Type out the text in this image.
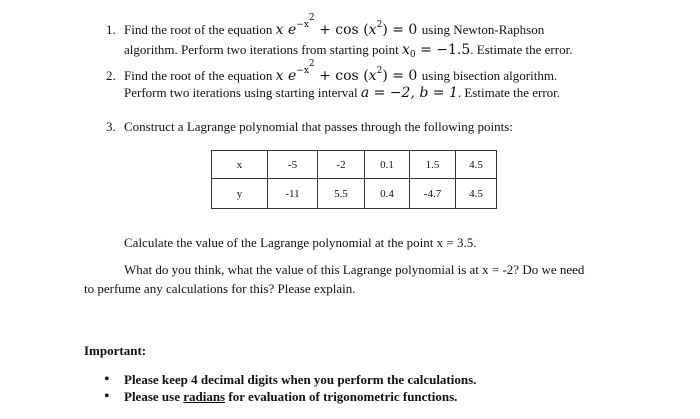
1. Find the root of the equation x $e^{-x^2} + \cos (x^2) = 0$ using Newton-Raphson
algorithm. Perform two iterations from starting point $x_0 = -1.5$. Estimate the error.
2. Find the root of the equation x $e^{-x^2} + \cos (x^2) = 0$ using bisection algorithm.
Perform two iterations using starting interval a = −2, b = 1. Estimate the error.
3. Construct a Lagrange polynomial that passes through the following points:
x	-5	-2	0.1	1.5	4.5
y	-11	5.5	0.4	-4.7	4.5
Calculate the value of the Lagrange polynomial at the point x = 3.5.
What do you think, what the value of this Lagrange polynomial is at x = -2? Do we need
to perfume any calculations for this? Please explain.
Important:
• Please keep 4 decimal digits when you perform the calculations.
• Please use radians for evaluation of trigonometric functions.
